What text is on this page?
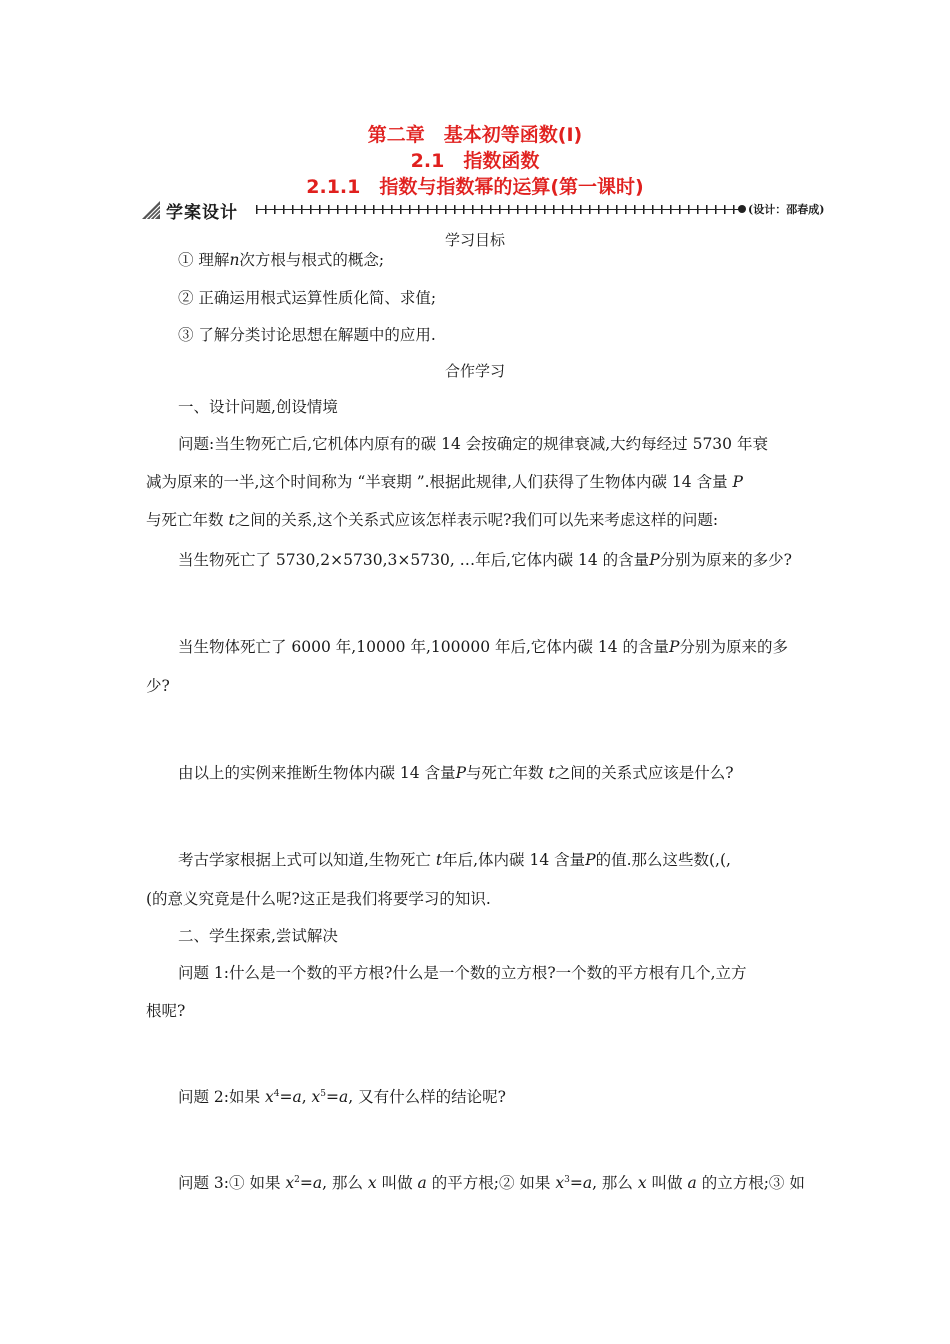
第二章　基本初等函数(Ⅰ)
2.1　指数函数
2.1.1　指数与指数幂的运算(第一课时)
学案设计	(设计：邵春成)
学习目标
① 理解n次方根与根式的概念;
② 正确运用根式运算性质化简、求值;
③ 了解分类讨论思想在解题中的应用.
合作学习
一、设计问题,创设情境
问题:当生物死亡后,它机体内原有的碳 14 会按确定的规律衰减,大约每经过 5730 年衰
减为原来的一半,这个时间称为 “半衰期 ”.根据此规律,人们获得了生物体内碳 14 含量 P
与死亡年数 t之间的关系,这个关系式应该怎样表示呢?我们可以先来考虑这样的问题:
当生物死亡了 5730,2×5730,3×5730, …年后,它体内碳 14 的含量P分别为原来的多少?
当生物体死亡了 6000 年,10000 年,100000 年后,它体内碳 14 的含量P分别为原来的多
少?
由以上的实例来推断生物体内碳 14 含量P与死亡年数 t之间的关系式应该是什么?
考古学家根据上式可以知道,生物死亡 t年后,体内碳 14 含量P的值.那么这些数(,(,
(的意义究竟是什么呢?这正是我们将要学习的知识.
二、学生探索,尝试解决
问题 1:什么是一个数的平方根?什么是一个数的立方根?一个数的平方根有几个,立方
根呢?
问题 2:如果 $x^4=a$, $x^5=a$, 又有什么样的结论呢?
问题 3:① 如果 $x^2=a$, 那么 x 叫做 a 的平方根;② 如果 $x^3=a$, 那么 x 叫做 a 的立方根;③ 如
